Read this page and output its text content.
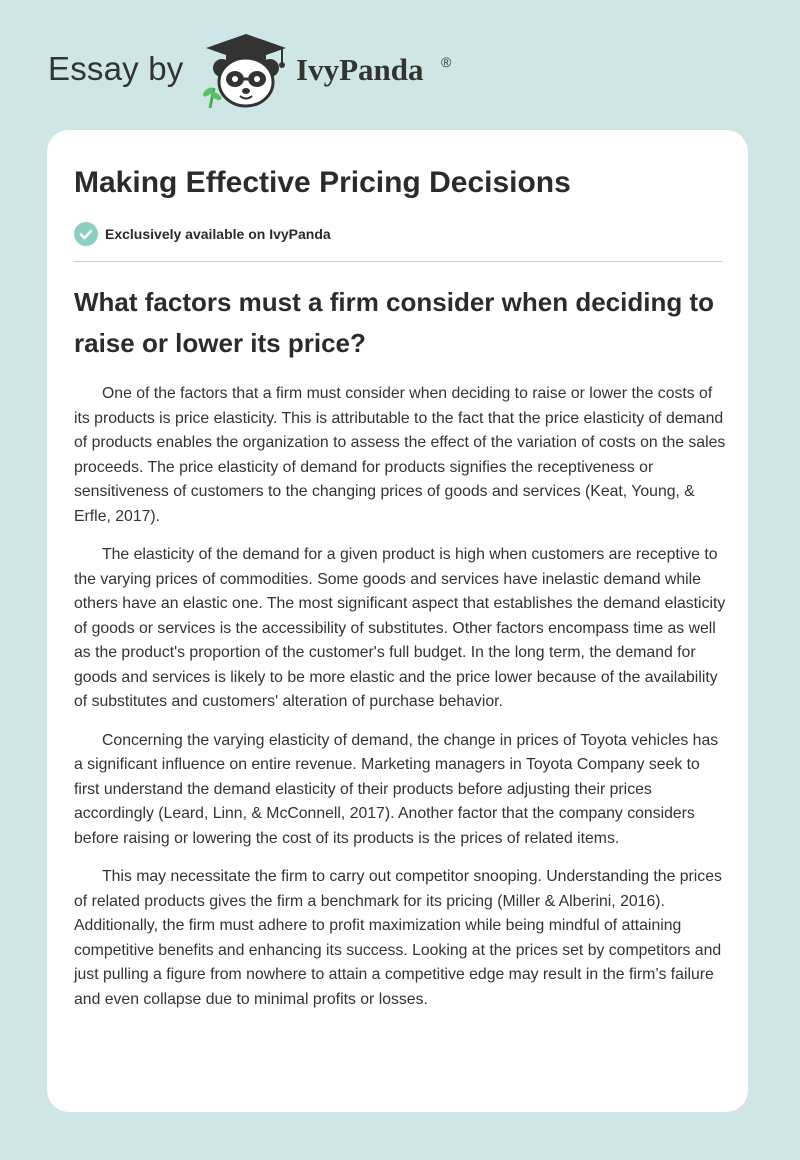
Essay by	IvyPanda ®
Making Effective Pricing Decisions
Exclusively available on IvyPanda
What factors must a firm consider when deciding to raise or lower its price?

One of the factors that a firm must consider when deciding to raise or lower the costs of its products is price elasticity. This is attributable to the fact that the price elasticity of demand of products enables the organization to assess the effect of the variation of costs on the sales proceeds. The price elasticity of demand for products signifies the receptiveness or sensitiveness of customers to the changing prices of goods and services (Keat, Young, & Erfle, 2017).

The elasticity of the demand for a given product is high when customers are receptive to the varying prices of commodities. Some goods and services have inelastic demand while others have an elastic one. The most significant aspect that establishes the demand elasticity of goods or services is the accessibility of substitutes. Other factors encompass time as well as the product's proportion of the customer's full budget. In the long term, the demand for goods and services is likely to be more elastic and the price lower because of the availability of substitutes and customers' alteration of purchase behavior.

Concerning the varying elasticity of demand, the change in prices of Toyota vehicles has a significant influence on entire revenue. Marketing managers in Toyota Company seek to first understand the demand elasticity of their products before adjusting their prices accordingly (Leard, Linn, & McConnell, 2017). Another factor that the company considers before raising or lowering the cost of its products is the prices of related items.

This may necessitate the firm to carry out competitor snooping. Understanding the prices of related products gives the firm a benchmark for its pricing (Miller & Alberini, 2016). Additionally, the firm must adhere to profit maximization while being mindful of attaining competitive benefits and enhancing its success. Looking at the prices set by competitors and just pulling a figure from nowhere to attain a competitive edge may result in the firm’s failure and even collapse due to minimal profits or losses.
